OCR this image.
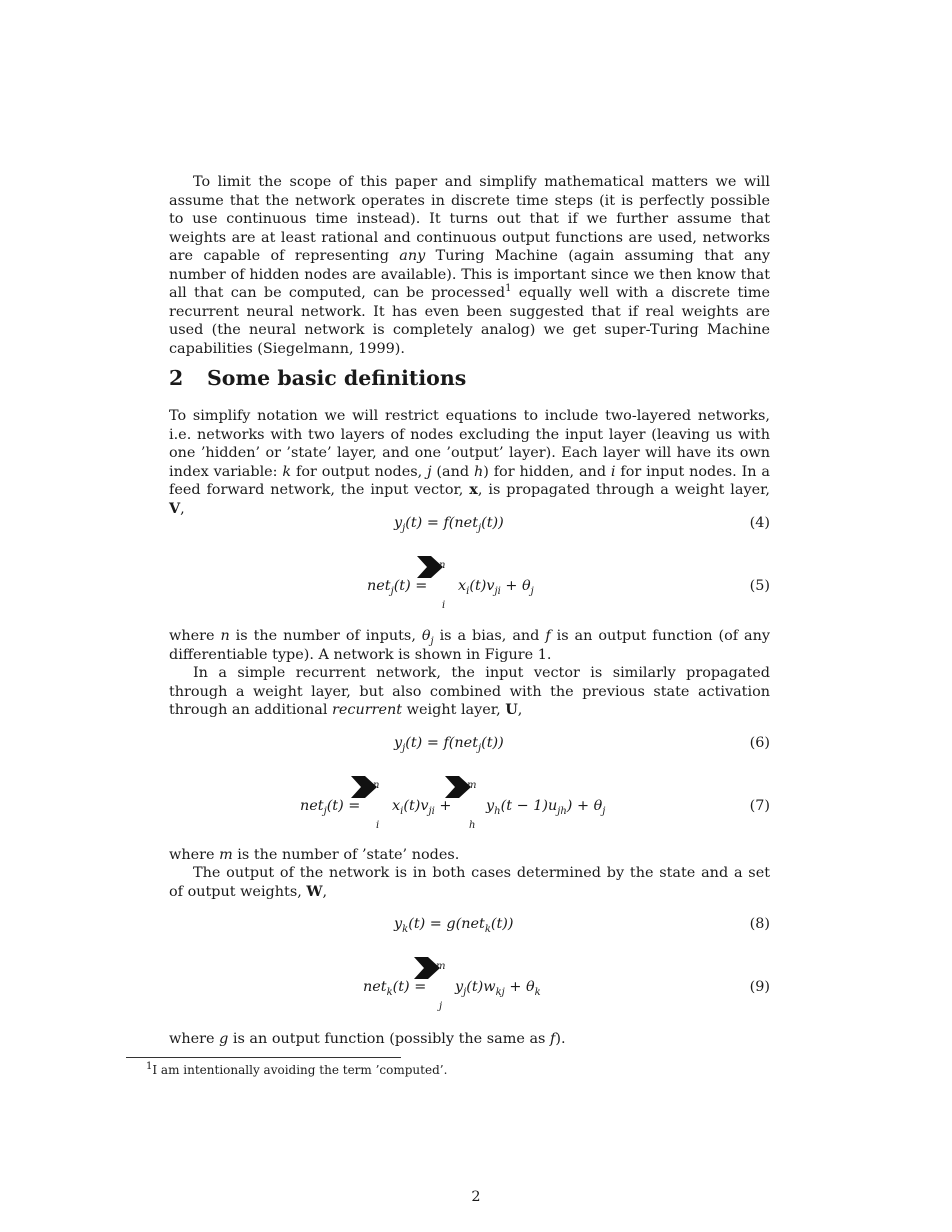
To limit the scope of this paper and simplify mathematical matters we will assume that the network operates in discrete time steps (it is perfectly possible to use continuous time instead). It turns out that if we further assume that weights are at least rational and continuous output functions are used, networks are capable of representing any Turing Machine (again assuming that any number of hidden nodes are available). This is important since we then know that all that can be computed, can be processed$^1$ equally well with a discrete time recurrent neural network. It has even been suggested that if real weights are used (the neural network is completely analog) we get super-Turing Machine capabilities (Siegelmann, 1999).

2 Some basic definitions

To simplify notation we will restrict equations to include two-layered networks, i.e. networks with two layers of nodes excluding the input layer (leaving us with one ’hidden’ or ’state’ layer, and one ’output’ layer). Each layer will have its own index variable: k for output nodes, j (and h) for hidden, and i for input nodes. In a feed forward network, the input vector, x, is propagated through a weight layer, V,

$y_j(t) = f(net_j(t))$	(4)
$net_j(t) = x_i(t)v_{ji} + \theta_j$	(5)
n
i

where n is the number of inputs, $\theta_j$ is a bias, and f is an output function (of any differentiable type). A network is shown in Figure 1.

In a simple recurrent network, the input vector is similarly propagated through a weight layer, but also combined with the previous state activation through an additional recurrent weight layer, U,

$y_j(t) = f(net_j(t))$	(6)
$net_j(t) = x_i(t)v_{ji} + y_h(t - 1)u_{jh}) + \theta_j$	(7)
n
i
m
h

where m is the number of ’state’ nodes.

The output of the network is in both cases determined by the state and a set of output weights, W,

$y_k(t) = g(net_k(t))$	(8)
$net_k(t) = y_j(t)w_{kj} + \theta_k$	(9)
m
j

where g is an output function (possibly the same as f).

$^1$I am intentionally avoiding the term ’computed’.

2
